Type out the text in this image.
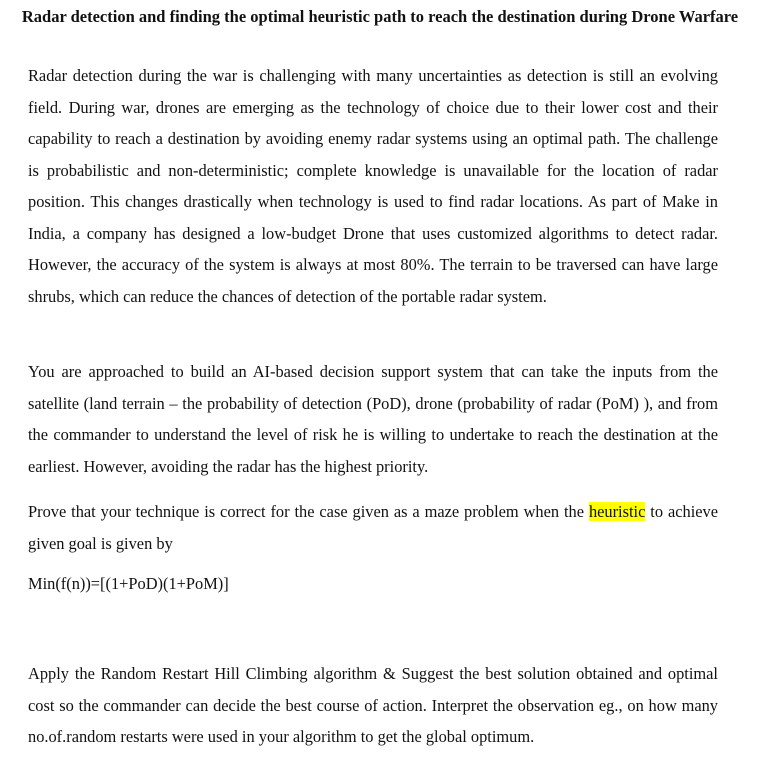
Radar detection and finding the optimal heuristic path to reach the destination during Drone Warfare

Radar detection during the war is challenging with many uncertainties as detection is still an evolving field. During war, drones are emerging as the technology of choice due to their lower cost and their capability to reach a destination by avoiding enemy radar systems using an optimal path. The challenge is probabilistic and non-deterministic; complete knowledge is unavailable for the location of radar position. This changes drastically when technology is used to find radar locations. As part of Make in India, a company has designed a low-budget Drone that uses customized algorithms to detect radar. However, the accuracy of the system is always at most 80%. The terrain to be traversed can have large shrubs, which can reduce the chances of detection of the portable radar system.

You are approached to build an AI-based decision support system that can take the inputs from the satellite (land terrain – the probability of detection (PoD), drone (probability of radar (PoM) ), and from the commander to understand the level of risk he is willing to undertake to reach the destination at the earliest. However, avoiding the radar has the highest priority.

Prove that your technique is correct for the case given as a maze problem when the heuristic to achieve given goal is given by

Min(f(n))=[(1+PoD)(1+PoM)]

Apply the Random Restart Hill Climbing algorithm & Suggest the best solution obtained and optimal cost so the commander can decide the best course of action. Interpret the observation eg., on how many no.of.random restarts were used in your algorithm to get the global optimum.
